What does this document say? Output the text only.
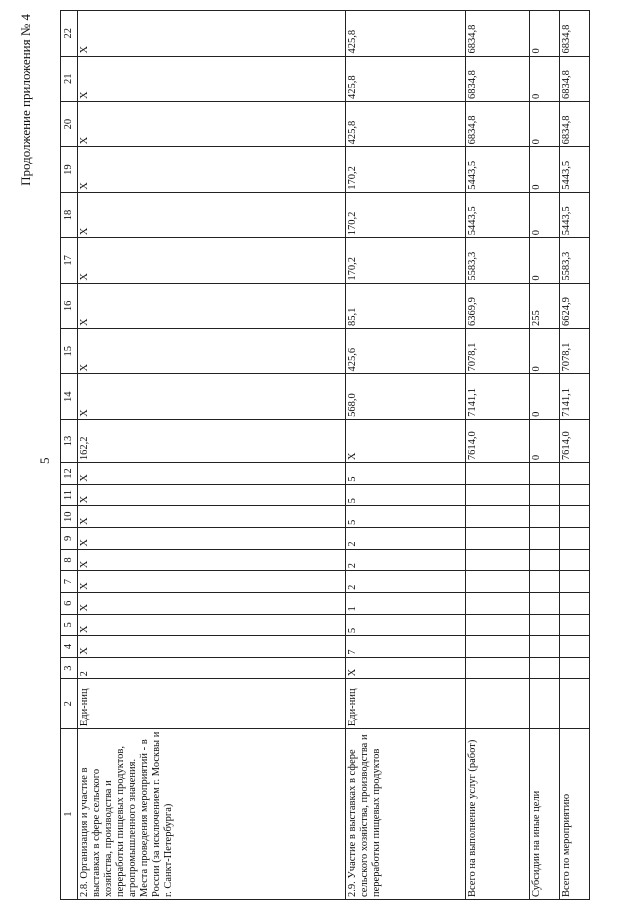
5
Продолжение приложения № 4
1	2	3	4	5	6	7	8	9	10	11	12	13	14	15	16	17	18	19	20	21	22
2.8. Организация и участие в выставках в сфере сельского хозяйства, производства и переработки пищевых продуктов, агропромышленного значения. Места проведения мероприятий - в России (за исключением г. Москвы и г. Санкт-Петербурга)	Еди-ниц	2	X	X	X	X	X	X	X	X	X	162,2	X	X	X	X	X	X	X	X	X
2.9. Участие в выставках в сфере сельского хозяйства, производства и переработки пищевых продуктов	Еди-ниц	X	7	5	1	2	2	2	5	5	5	X	568,0	425,6	85,1	170,2	170,2	170,2	425,8	425,8	425,8
Всего на выполнение услуг (работ)												7614,0	7141,1	7078,1	6369,9	5583,3	5443,5	5443,5	6834,8	6834,8	6834,8
Субсидии на иные цели												0	0	0	255	0	0	0	0	0	0
Всего по мероприятию												7614,0	7141,1	7078,1	6624,9	5583,3	5443,5	5443,5	6834,8	6834,8	6834,8
